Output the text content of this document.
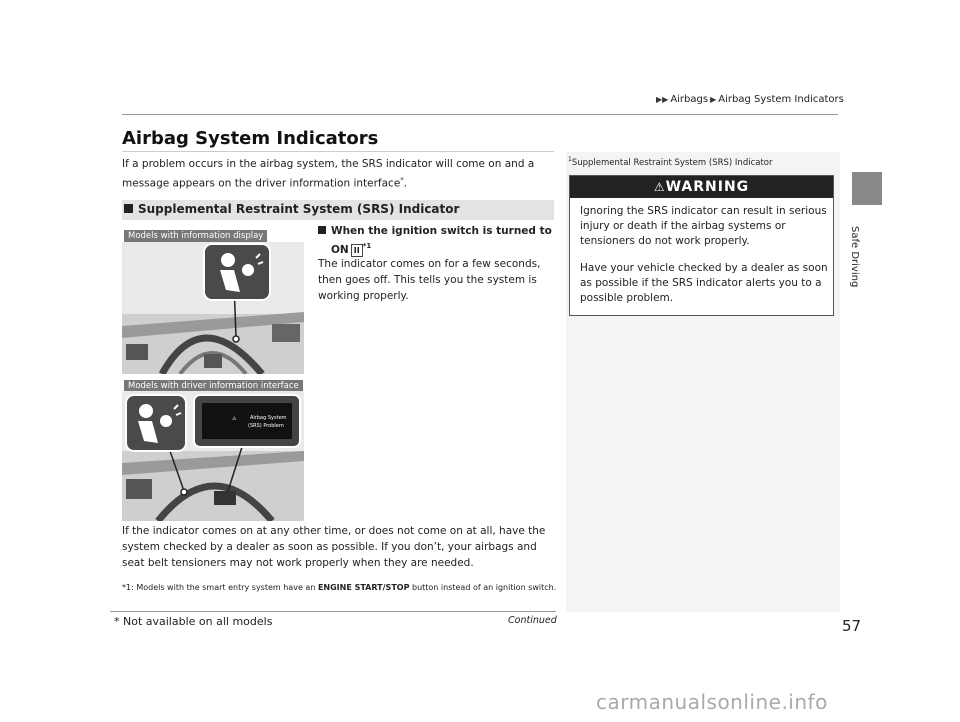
▶▶ Airbags ▶ Airbag System Indicators
Safe Driving
Airbag System Indicators
If a problem occurs in the airbag system, the SRS indicator will come on and a message appears on the driver information interface*.
Supplemental Restraint System (SRS) Indicator
Models with information display
Models with driver information interface
⚠	Airbag System
(SRS) Problem
When the ignition switch is turned to
ON II $^{*1}$
The indicator comes on for a few seconds, then goes off. This tells you the system is working properly.
If the indicator comes on at any other time, or does not come on at all, have the system checked by a dealer as soon as possible. If you don’t, your airbags and seat belt tensioners may not work properly when they are needed.
*1: Models with the smart entry system have an ENGINE START/STOP button instead of an ignition switch.
$^1$Supplemental Restraint System (SRS) Indicator
⚠WARNING
Ignoring the SRS indicator can result in serious injury or death if the airbag systems or tensioners do not work properly.
Have your vehicle checked by a dealer as soon as possible if the SRS indicator alerts you to a possible problem.
* Not available on all models	Continued	57
carmanualsonline.info
